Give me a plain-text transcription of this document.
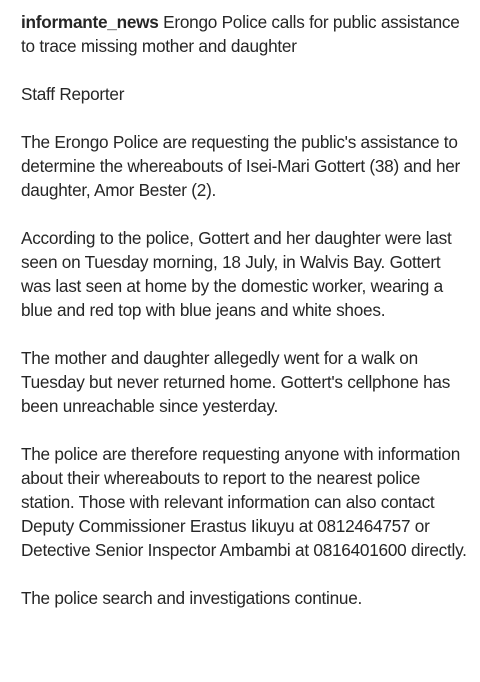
informante_news Erongo Police calls for public assistance to trace missing mother and daughter

Staff Reporter

The Erongo Police are requesting the public's assistance to determine the whereabouts of Isei-Mari Gottert (38) and her daughter, Amor Bester (2).

According to the police, Gottert and her daughter were last seen on Tuesday morning, 18 July, in Walvis Bay. Gottert was last seen at home by the domestic worker, wearing a blue and red top with blue jeans and white shoes.

The mother and daughter allegedly went for a walk on Tuesday but never returned home. Gottert's cellphone has been unreachable since yesterday.

The police are therefore requesting anyone with information about their whereabouts to report to the nearest police station. Those with relevant information can also contact Deputy Commissioner Erastus Iikuyu at 0812464757 or Detective Senior Inspector Ambambi at 0816401600 directly.

The police search and investigations continue.
